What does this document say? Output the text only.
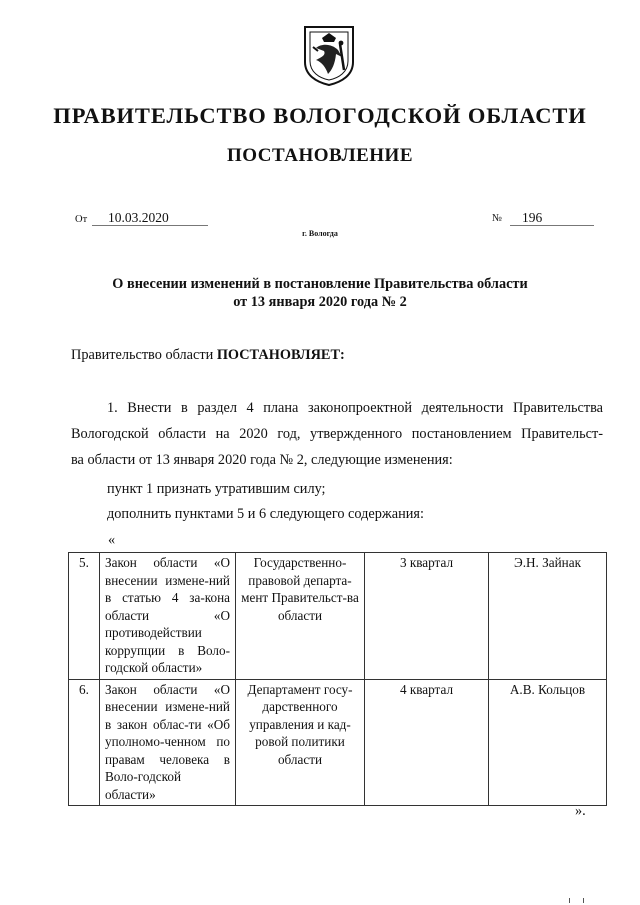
ПРАВИТЕЛЬСТВО ВОЛОГОДСКОЙ ОБЛАСТИ
ПОСТАНОВЛЕНИЕ
От	10.03.2020	№	196
г. Вологда
О внесении изменений в постановление Правительства области
от 13 января 2020 года № 2
Правительство области ПОСТАНОВЛЯЕТ:
1. Внести в раздел 4 плана законопроектной деятельности Правительства
Вологодской области на 2020 год, утвержденного постановлением Правительст-
ва области от 13 января 2020 года № 2, следующие изменения:
пункт 1 признать утратившим силу;
дополнить пунктами 5 и 6 следующего содержания:
«
5.	Закон области «О внесении измене-ний в статью 4 за-кона области «О противодействии коррупции в Воло-годской области»	Государственно-правовой департа-мент Правительст-ва области	3 квартал	Э.Н. Зайнак
6.	Закон области «О внесении измене-ний в закон облас-ти «Об уполномо-ченном по правам человека в Воло-годской области»	Департамент госу-дарственного управления и кад-ровой политики области	4 квартал	А.В. Кольцов
».
